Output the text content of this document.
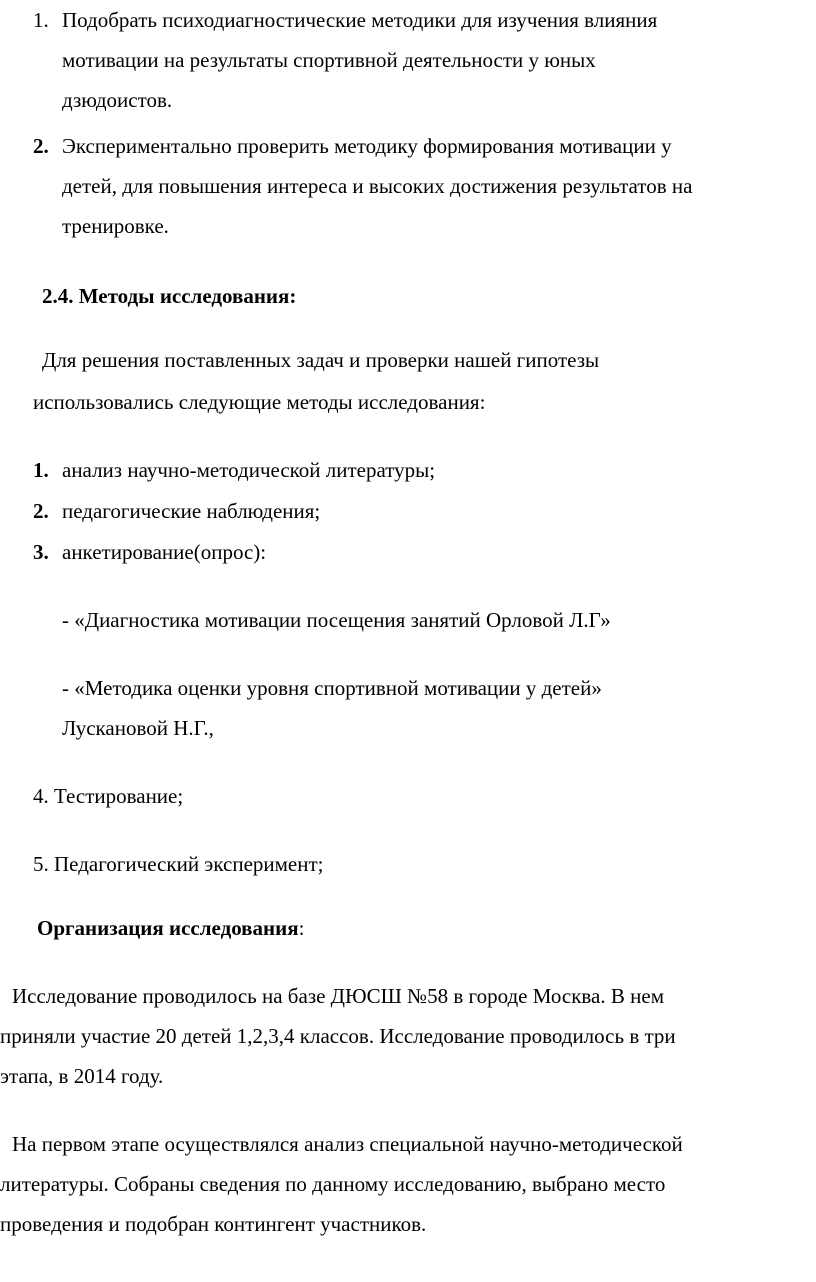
1. Подобрать психодиагностические методики для изучения влияния
мотивации на результаты спортивной деятельности у юных
дзюдоистов.
2. Экспериментально проверить методику формирования мотивации у
детей, для повышения интереса и высоких достижения результатов на
тренировке.
2.4. Методы исследования:
Для решения поставленных задач и проверки нашей гипотезы
использовались следующие методы исследования:
1. анализ научно-методической литературы;
2. педагогические наблюдения;
3. анкетирование(опрос):
- «Диагностика мотивации посещения занятий Орловой Л.Г»
- «Методика оценки уровня спортивной мотивации у детей»
Лускановой Н.Г.,
4. Тестирование;
5. Педагогический эксперимент;
Организация исследования:
Исследование проводилось на базе ДЮСШ №58 в городе Москва. В нем
приняли участие 20 детей 1,2,3,4 классов. Исследование проводилось в три
этапа, в 2014 году.
На первом этапе осуществлялся анализ специальной научно-методической
литературы. Собраны сведения по данному исследованию, выбрано место
проведения и подобран контингент участников.
